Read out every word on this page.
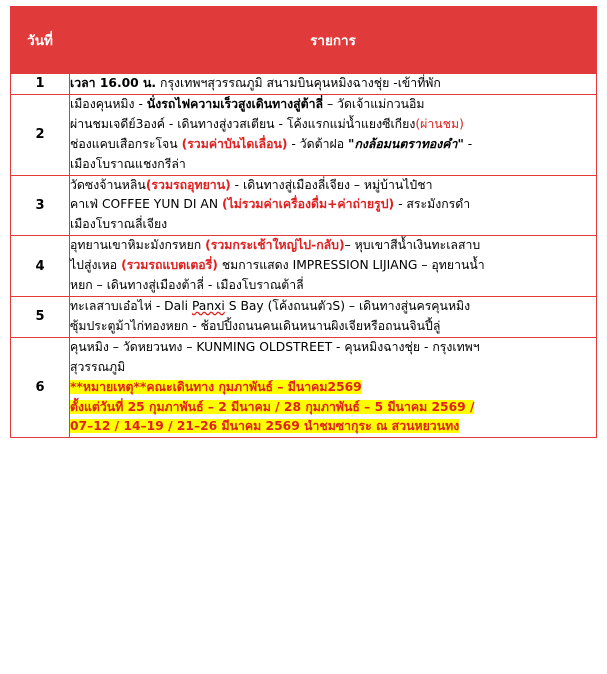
วันที่	รายการ
1	เวลา 16.00 น. กรุงเทพฯสุวรรณภูมิ สนามบินคุนหมิงฉางชุ่ย -เข้าที่พัก

2	เมืองคุนหมิง - นั่งรถไฟความเร็วสูงเดินทางสู่ต้าลี่ – วัดเจ้าแม่กวนอิม
ผ่านชมเจดีย์3องค์ - เดินทางสู่งวสเตียน - โค้งแรกแม่น้ำแยงซีเกียง(ผ่านชม)
ช่องแคบเสือกระโจน (รวมค่าบันไดเลื่อน) - วัดต้าฝอ "กงล้อมนตราทองคำ" -
เมืองโบราณแชงกรีล่า

3	วัดซงจ้านหลิน(รวมรถอุทยาน) - เดินทางสู่เมืองลี่เจียง – หมู่บ้านไป๋ชา
คาเฟ่ COFFEE YUN DI AN (ไม่รวมค่าเครื่องดื่ม+ค่าถ่ายรูป) - สระมังกรดำ
เมืองโบราณลี่เจียง

4	อุทยานเขาหิมะมังกรหยก (รวมกระเช้าใหญ่ไป-กลับ)– หุบเขาสีน้ำเงินทะเลสาบ
ไปสู่งเหอ (รวมรถแบตเตอรี่) ชมการแสดง IMPRESSION LIJIANG – อุทยานน้ำ
หยก – เดินทางสู่เมืองต้าลี่ - เมืองโบราณต้าลี่

5	ทะเลสาบเอ๋อไห่ - Dali Panxi S Bay (โค้งถนนตัวS) – เดินทางสู่นครคุนหมิง
ซุ้มประตูม้าไก่ทองหยก - ช้อปปิ้งถนนคนเดินหนานผิงเจียหรือถนนจินปี้ลู่

6	คุนหมิง – วัดหยวนทง – KUNMING OLDSTREET - คุนหมิงฉางชุ่ย - กรุงเทพฯ
สุวรรณภูมิ
**หมายเหตุ**คณะเดินทาง กุมภาพันธ์ – มีนาคม2569
ตั้งแต่วันที่ 25 กุมภาพันธ์ – 2 มีนาคม / 28 กุมภาพันธ์ – 5 มีนาคม 2569 /
07–12 / 14–19 / 21–26 มีนาคม 2569 นำชมซากุระ ณ สวนหยวนทง
